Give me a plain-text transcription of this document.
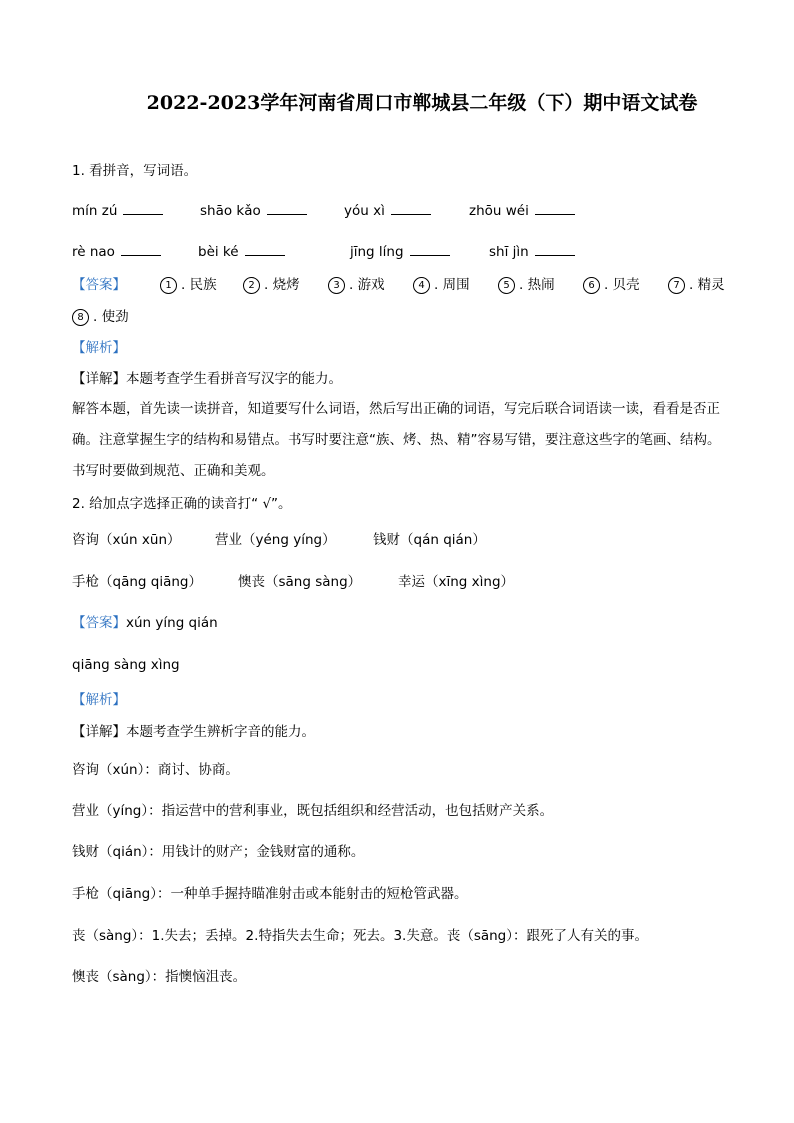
2022-2023学年河南省周口市郸城县二年级（下）期中语文试卷
1. 看拼音，写词语。
mín zú	shāo kǎo	yóu xì	zhōu wéi
rè nao	bèi ké	jīng líng	shī jìn
【答案】	1 . 民族	2 . 烧烤	3 . 游戏	4 . 周围	5 . 热闹	6 . 贝壳	7 . 精灵
8 . 使劲
【解析】
【详解】本题考查学生看拼音写汉字的能力。
解答本题，首先读一读拼音，知道要写什么词语，然后写出正确的词语，写完后联合词语读一读，看看是否正确。注意掌握生字的结构和易错点。书写时要注意“族、烤、热、精”容易写错，要注意这些字的笔画、结构。书写时要做到规范、正确和美观。
2. 给加点字选择正确的读音打“ √”。
咨询（xún xūn）	营业（yéng yíng）	钱财（qán qián）
手枪（qāng qiāng）	懊丧（sāng sàng）	幸运（xīng xìng）
【答案】xún yíng qián
qiāng sàng xìng
【解析】
【详解】本题考查学生辨析字音的能力。
咨询（xún）：商讨、协商。
营业（yíng）：指运营中的营利事业，既包括组织和经营活动，也包括财产关系。
钱财（qián）：用钱计的财产；金钱财富的通称。
手枪（qiāng）：一种单手握持瞄准射击或本能射击的短枪管武器。
丧（sàng）：1.失去；丢掉。2.特指失去生命；死去。3.失意。丧（sāng）：跟死了人有关的事。
懊丧（sàng）：指懊恼沮丧。
